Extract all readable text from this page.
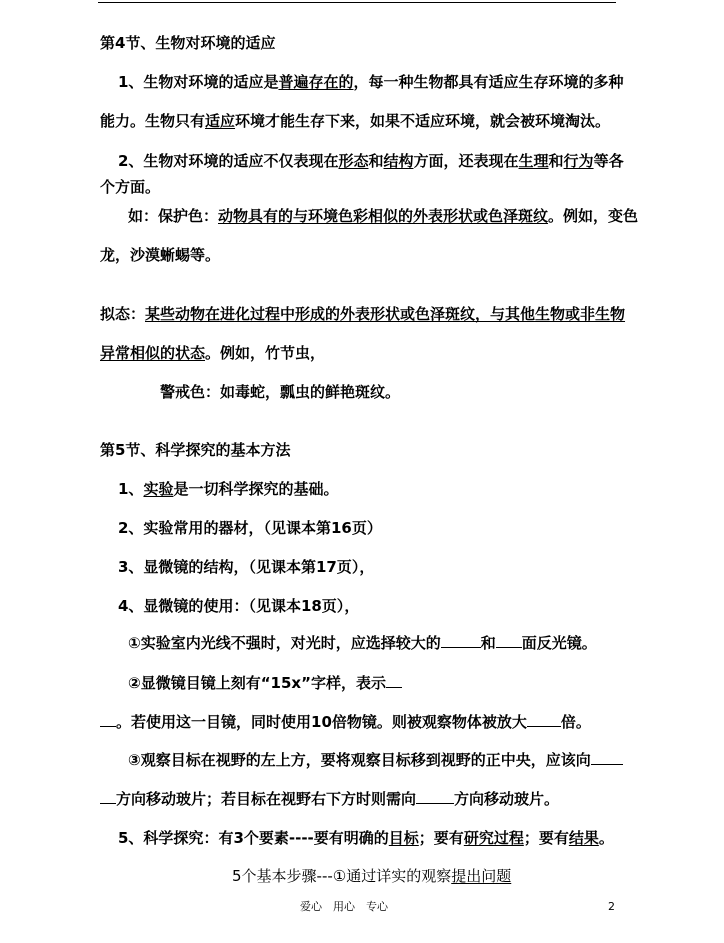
第4节、生物对环境的适应
1、生物对环境的适应是普遍存在的，每一种生物都具有适应生存环境的多种
能力。生物只有适应环境才能生存下来，如果不适应环境，就会被环境淘汰。
2、生物对环境的适应不仅表现在形态和结构方面，还表现在生理和行为等各
个方面。
如：保护色：动物具有的与环境色彩相似的外表形状或色泽斑纹。例如，变色
龙，沙漠蜥蜴等。
拟态：某些动物在进化过程中形成的外表形状或色泽斑纹，与其他生物或非生物
异常相似的状态。例如，竹节虫，
警戒色：如毒蛇，瓢虫的鲜艳斑纹。
第5节、科学探究的基本方法
1、实验是一切科学探究的基础。
2、实验常用的器材，（见课本第16页）
3、显微镜的结构，（见课本第17页），
4、显微镜的使用：（见课本18页），
①实验室内光线不强时，对光时，应选择较大的	和 面反光镜。
②显微镜目镜上刻有“15x”字样，表示
。若使用这一目镜，同时使用10倍物镜。则被观察物体被放大 倍。
③观察目标在视野的左上方，要将观察目标移到视野的正中央，应该向
方向移动玻片；若目标在视野右下方时则需向	方向移动玻片。
5、科学探究：有3个要素----要有明确的目标；要有研究过程；要有结果。
5个基本步骤---①通过详实的观察提出问题
爱心　用心　专心	2
